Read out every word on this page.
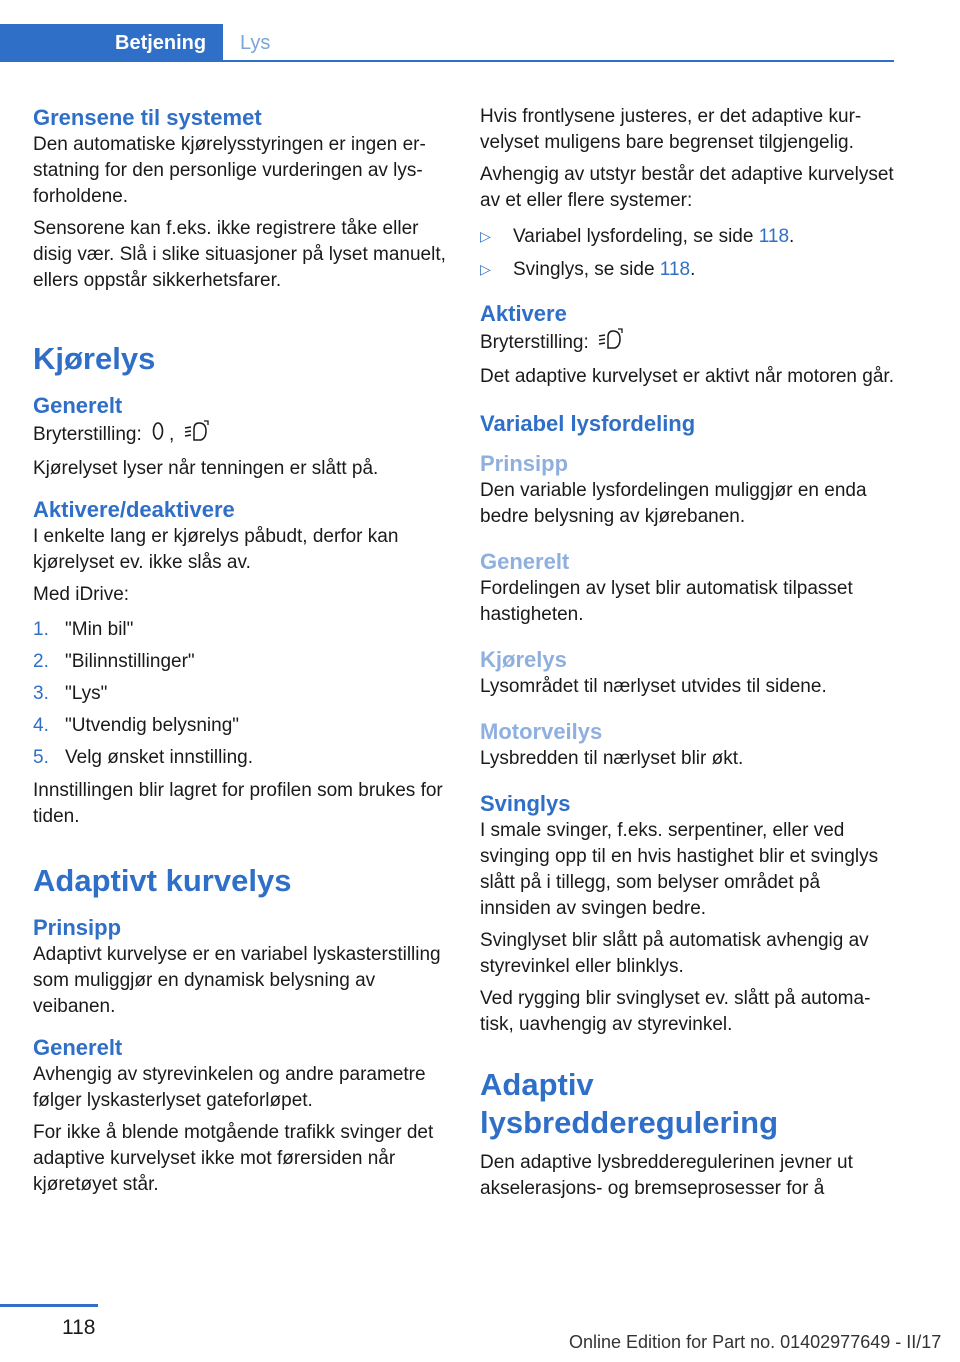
Betjening	Lys
Grensene til systemet

Den automatiske kjørelysstyringen er ingen erstatning for den personlige vurderingen av lysforholdene.

Sensorene kan f.eks. ikke registrere tåke eller disig vær. Slå i slike situasjoner på lyset manuelt, ellers oppstår sikkerhetsfarer.

Kjørelys
Generelt

Bryterstilling: ,

Kjørelyset lyser når tenningen er slått på.

Aktivere/deaktivere

I enkelte lang er kjørelys påbudt, derfor kan kjørelyset ev. ikke slås av.

Med iDrive:

1. "Min bil"
2. "Bilinnstillinger"
3. "Lys"
4. "Utvendig belysning"
5. Velg ønsket innstilling.

Innstillingen blir lagret for profilen som brukes for tiden.

Adaptivt kurvelys
Prinsipp

Adaptivt kurvelyse er en variabel lyskasterstilling som muliggjør en dynamisk belysning av veibanen.

Generelt

Avhengig av styrevinkelen og andre parametre følger lyskasterlyset gateforløpet.

For ikke å blende motgående trafikk svinger det adaptive kurvelyset ikke mot førersiden når kjøretøyet står.

Hvis frontlysene justeres, er det adaptive kurvelyset muligens bare begrenset tilgjengelig.

Avhengig av utstyr består det adaptive kurvelyset av et eller flere systemer:

▷ Variabel lysfordeling, se side 118.
▷ Svinglys, se side 118.
Aktivere

Bryterstilling:

Det adaptive kurvelyset er aktivt når motoren går.

Variabel lysfordeling
Prinsipp

Den variable lysfordelingen muliggjør en enda bedre belysning av kjørebanen.

Generelt

Fordelingen av lyset blir automatisk tilpasset hastigheten.

Kjørelys

Lysområdet til nærlyset utvides til sidene.

Motorveilys

Lysbredden til nærlyset blir økt.

Svinglys

I smale svinger, f.eks. serpentiner, eller ved svinging opp til en hvis hastighet blir et svinglys slått på i tillegg, som belyser området på innsiden av svingen bedre.

Svinglyset blir slått på automatisk avhengig av styrevinkel eller blinklys.

Ved rygging blir svinglyset ev. slått på automatisk, uavhengig av styrevinkel.

Adaptiv lysbredderegulering

Den adaptive lysbredderegulerinen jevner ut akselerasjons- og bremseprosesser for å

118
Online Edition for Part no. 01402977649 - II/17
